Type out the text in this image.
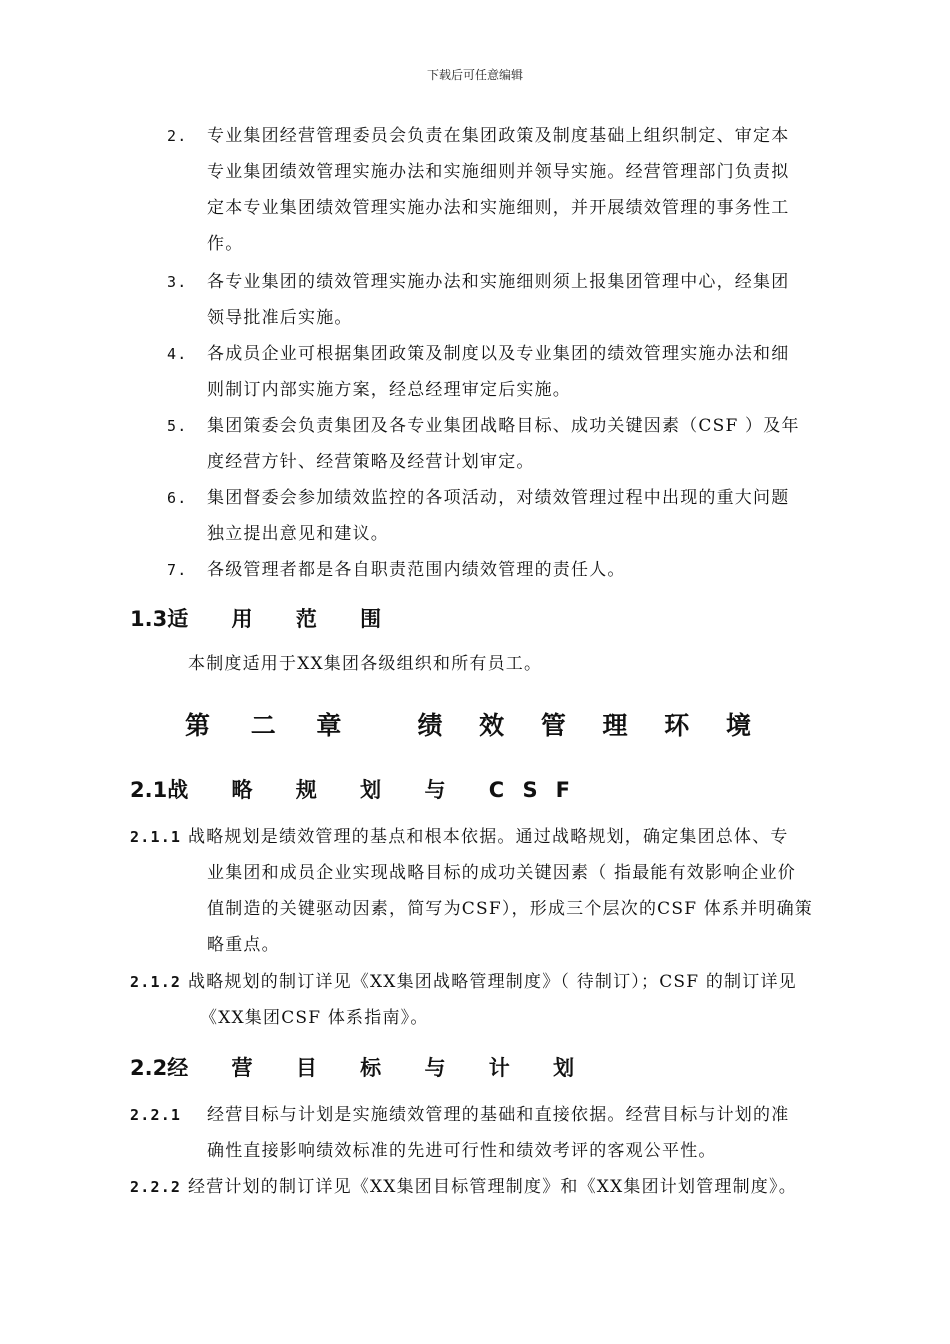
下载后可任意编辑
2.	专业集团经营管理委员会负责在集团政策及制度基础上组织制定、审定本
专业集团绩效管理实施办法和实施细则并领导实施。经营管理部门负责拟
定本专业集团绩效管理实施办法和实施细则，并开展绩效管理的事务性工
作。
3.	各专业集团的绩效管理实施办法和实施细则须上报集团管理中心，经集团
领导批准后实施。
4.	各成员企业可根据集团政策及制度以及专业集团的绩效管理实施办法和细
则制订内部实施方案，经总经理审定后实施。
5.	集团策委会负责集团及各专业集团战略目标、成功关键因素（CSF ）及年
度经营方针、经营策略及经营计划审定。
6.	集团督委会参加绩效监控的各项活动，对绩效管理过程中出现的重大问题
独立提出意见和建议。
7.	各级管理者都是各自职责范围内绩效管理的责任人。
1.3适 用 范 围
本制度适用于XX集团各级组织和所有员工。
第 二 章 绩 效 管 理 环 境
2.1战 略 规 划 与 CSF
2.1.1 战略规划是绩效管理的基点和根本依据。通过战略规划，确定集团总体、专
业集团和成员企业实现战略目标的成功关键因素（ 指最能有效影响企业价
值制造的关键驱动因素，简写为CSF），形成三个层次的CSF 体系并明确策
略重点。
2.1.2 战略规划的制订详见《XX集团战略管理制度》（ 待制订）；CSF 的制订详见
《XX集团CSF 体系指南》。
2.2经 营 目 标 与 计 划
2.2.1 经营目标与计划是实施绩效管理的基础和直接依据。经营目标与计划的准
确性直接影响绩效标准的先进可行性和绩效考评的客观公平性。
2.2.2 经营计划的制订详见《XX集团目标管理制度》和《XX集团计划管理制度》。
